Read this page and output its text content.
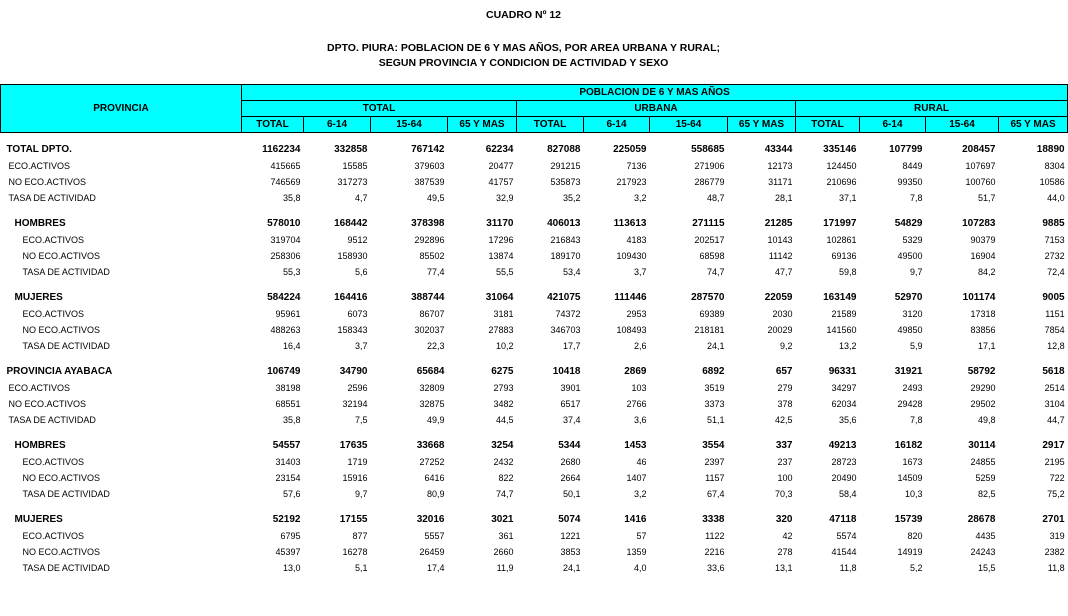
CUADRO Nº 12
DPTO. PIURA: POBLACION DE 6 Y MAS AÑOS, POR AREA URBANA Y RURAL;
SEGUN PROVINCIA Y CONDICION DE ACTIVIDAD Y SEXO
PROVINCIA	POBLACION DE 6 Y MAS AÑOS											
	TOTAL				URBANA				RURAL			
	TOTAL	6-14	15-64	65 Y MAS	TOTAL	6-14	15-64	65 Y MAS	TOTAL	6-14	15-64	65 Y MAS

TOTAL DPTO.	1162234	332858	767142	62234	827088	225059	558685	43344	335146	107799	208457	18890
ECO.ACTIVOS	415665	15585	379603	20477	291215	7136	271906	12173	124450	8449	107697	8304
NO ECO.ACTIVOS	746569	317273	387539	41757	535873	217923	286779	31171	210696	99350	100760	10586
TASA DE ACTIVIDAD	35,8	4,7	49,5	32,9	35,2	3,2	48,7	28,1	37,1	7,8	51,7	44,0

HOMBRES	578010	168442	378398	31170	406013	113613	271115	21285	171997	54829	107283	9885
ECO.ACTIVOS	319704	9512	292896	17296	216843	4183	202517	10143	102861	5329	90379	7153
NO ECO.ACTIVOS	258306	158930	85502	13874	189170	109430	68598	11142	69136	49500	16904	2732
TASA DE ACTIVIDAD	55,3	5,6	77,4	55,5	53,4	3,7	74,7	47,7	59,8	9,7	84,2	72,4

MUJERES	584224	164416	388744	31064	421075	111446	287570	22059	163149	52970	101174	9005
ECO.ACTIVOS	95961	6073	86707	3181	74372	2953	69389	2030	21589	3120	17318	1151
NO ECO.ACTIVOS	488263	158343	302037	27883	346703	108493	218181	20029	141560	49850	83856	7854
TASA DE ACTIVIDAD	16,4	3,7	22,3	10,2	17,7	2,6	24,1	9,2	13,2	5,9	17,1	12,8

PROVINCIA AYABACA	106749	34790	65684	6275	10418	2869	6892	657	96331	31921	58792	5618
ECO.ACTIVOS	38198	2596	32809	2793	3901	103	3519	279	34297	2493	29290	2514
NO ECO.ACTIVOS	68551	32194	32875	3482	6517	2766	3373	378	62034	29428	29502	3104
TASA DE ACTIVIDAD	35,8	7,5	49,9	44,5	37,4	3,6	51,1	42,5	35,6	7,8	49,8	44,7

HOMBRES	54557	17635	33668	3254	5344	1453	3554	337	49213	16182	30114	2917
ECO.ACTIVOS	31403	1719	27252	2432	2680	46	2397	237	28723	1673	24855	2195
NO ECO.ACTIVOS	23154	15916	6416	822	2664	1407	1157	100	20490	14509	5259	722
TASA DE ACTIVIDAD	57,6	9,7	80,9	74,7	50,1	3,2	67,4	70,3	58,4	10,3	82,5	75,2

MUJERES	52192	17155	32016	3021	5074	1416	3338	320	47118	15739	28678	2701
ECO.ACTIVOS	6795	877	5557	361	1221	57	1122	42	5574	820	4435	319
NO ECO.ACTIVOS	45397	16278	26459	2660	3853	1359	2216	278	41544	14919	24243	2382
TASA DE ACTIVIDAD	13,0	5,1	17,4	11,9	24,1	4,0	33,6	13,1	11,8	5,2	15,5	11,8
